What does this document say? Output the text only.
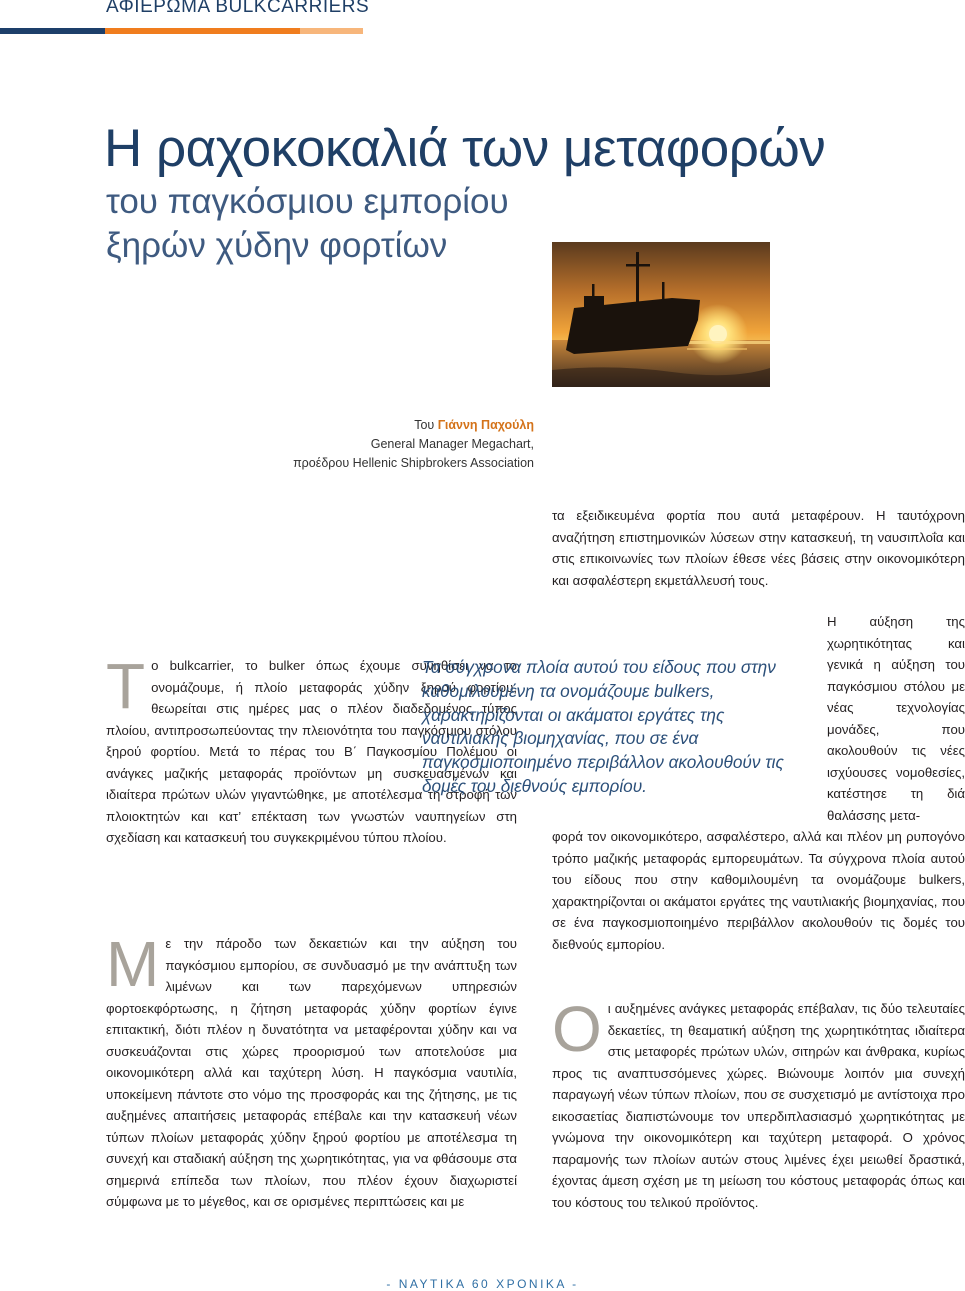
ΑΦΙΕΡΩΜΑ BULKCARRIERS
Η ραχοκοκαλιά των μεταφορών
του παγκόσμιου εμπορίου
ξηρών χύδην φορτίων
Του Γιάννη Παχούλη
General Manager Megachart,
προέδρου Hellenic Shipbrokers Association

Το bulkcarrier, το bulker όπως έχουμε συνηθίσει να το ονομάζουμε, ή πλοίο μεταφοράς χύδην ξηρού φορτίου, θεωρείται στις ημέρες μας ο πλέον διαδεδομένος τύπος πλοίου, αντιπροσωπεύοντας την πλειονότητα του παγκόσμιου στόλου ξηρού φορτίου. Μετά το πέρας του Β΄ Παγκοσμίου Πολέμου οι ανάγκες μαζικής μεταφοράς προϊόντων μη συσκευασμένων και ιδιαίτερα πρώτων υλών γιγαντώθηκε, με αποτέλεσμα τη στροφή των πλοιοκτητών και κατ’ επέκταση των γνωστών ναυπηγείων στη σχεδίαση και κατασκευή του συγκεκριμένου τύπου πλοίου.

Με την πάροδο των δεκαετιών και την αύξηση του παγκόσμιου εμπορίου, σε συνδυασμό με την ανάπτυξη των λιμένων και των παρεχόμενων υπηρεσιών φορτοεκφόρτωσης, η ζήτηση μεταφοράς χύδην φορτίων έγινε επιτακτική, διότι πλέον η δυνατότητα να μεταφέρονται χύδην και να συσκευάζονται στις χώρες προορισμού των αποτελούσε μια οικονομικότερη αλλά και ταχύτερη λύση. Η παγκόσμια ναυτιλία, υποκείμενη πάντοτε στο νόμο της προσφοράς και της ζήτησης, με τις αυξημένες απαιτήσεις μεταφοράς επέβαλε και την κατασκευή νέων τύπων πλοίων μεταφοράς χύδην ξηρού φορτίου με αποτέλεσμα τη συνεχή και σταδιακή αύξηση της χωρητικότητας, για να φθάσουμε στα σημερινά επίπεδα των πλοίων, που πλέον έχουν διαχωριστεί σύμφωνα με το μέγεθος, και σε ορισμένες περιπτώσεις και με

τα εξειδικευμένα φορτία που αυτά μεταφέρουν. Η ταυτόχρονη αναζήτηση επιστημονικών λύσεων στην κατασκευή, τη ναυσιπλοΐα και στις επικοινωνίες των πλοίων έθεσε νέες βάσεις στην οικονομικότερη και ασφαλέστερη εκμετάλλευσή τους.

Τα σύγχρονα πλοία αυτού του είδους που στην καθομιλουμένη τα ονομάζουμε bulkers, χαρακτηρίζονται οι ακάματοι εργάτες της ναυτιλιακής βιομηχανίας, που σε ένα παγκοσμιοποιημένο περιβάλλον ακολουθούν τις δομές του διεθνούς εμπορίου.

Η αύξηση της χωρητικότητας και γενικά η αύξηση του παγκόσμιου στόλου με νέας τεχνολογίας μονάδες, που ακολουθούν τις νέες ισχύουσες νομοθεσίες, κατέστησε τη διά θαλάσσης μετα-

φορά τον οικονομικότερο, ασφαλέστερο, αλλά και πλέον μη ρυπογόνο τρόπο μαζικής μεταφοράς εμπορευμάτων. Τα σύγχρονα πλοία αυτού του είδους που στην καθομιλουμένη τα ονομάζουμε bulkers, χαρακτηρίζονται οι ακάματοι εργάτες της ναυτιλιακής βιομηχανίας, που σε ένα παγκοσμιοποιημένο περιβάλλον ακολουθούν τις δομές του διεθνούς εμπορίου.

Οι αυξημένες ανάγκες μεταφοράς επέβαλαν, τις δύο τελευταίες δεκαετίες, τη θεαματική αύξηση της χωρητικότητας ιδιαίτερα στις μεταφορές πρώτων υλών, σιτηρών και άνθρακα, κυρίως προς τις αναπτυσσόμενες χώρες. Βιώνουμε λοιπόν μια συνεχή παραγωγή νέων τύπων πλοίων, που σε συσχετισμό με αντίστοιχα προ εικοσαετίας διαπιστώνουμε τον υπερδιπλασιασμό χωρητικότητας με γνώμονα την οικονομικότερη και ταχύτερη μεταφορά. Ο χρόνος παραμονής των πλοίων αυτών στους λιμένες έχει μειωθεί δραστικά, έχοντας άμεση σχέση με τη μείωση του κόστους μεταφοράς όπως και του κόστους του τελικού προϊόντος.

- ΝΑΥΤΙΚΑ 60 ΧΡΟΝΙΚΑ -
